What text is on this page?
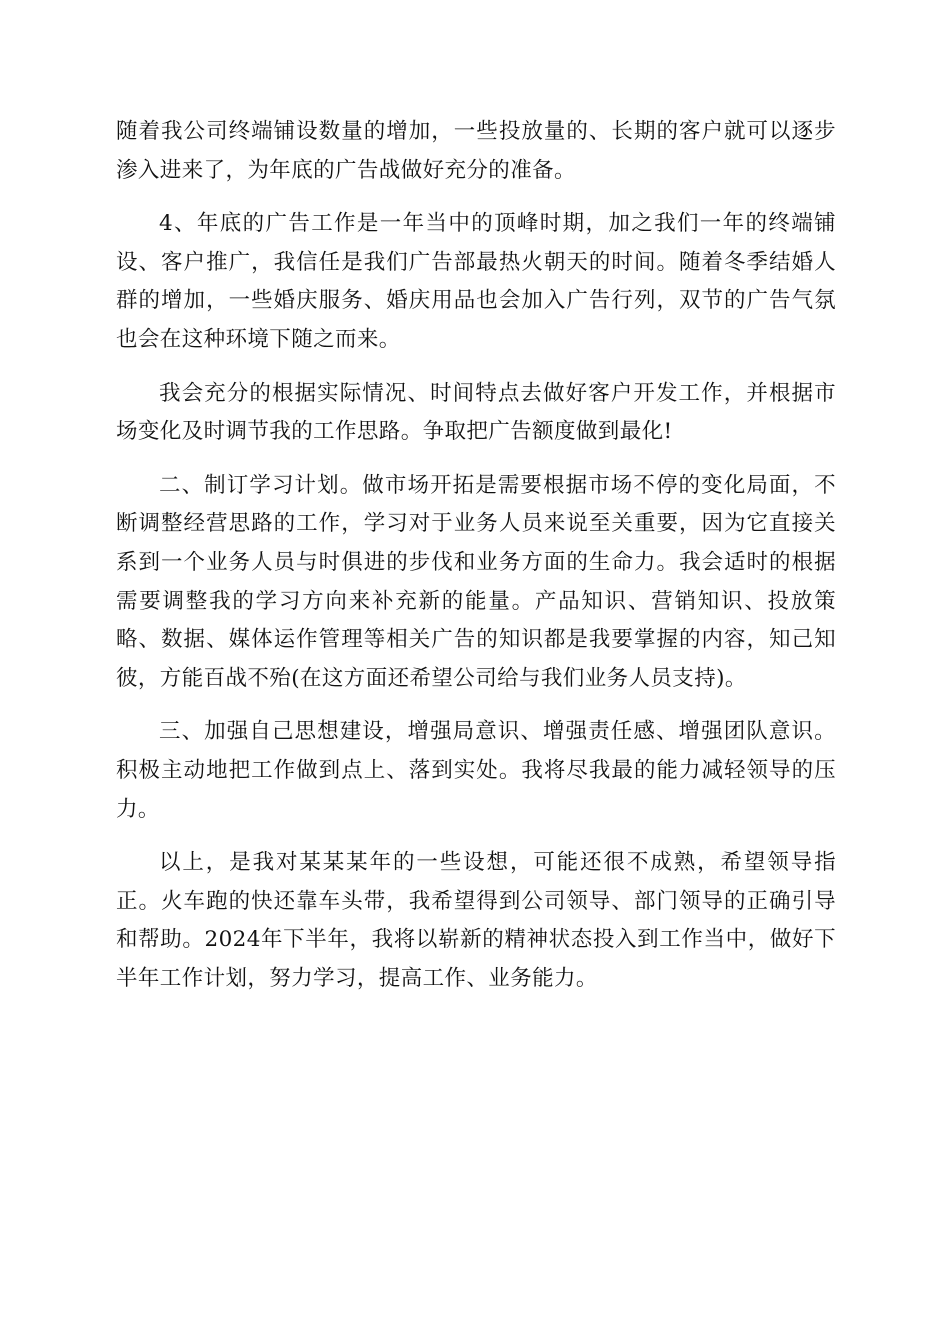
随着我公司终端铺设数量的增加，一些投放量的、长期的客户就可以逐步渗入进来了，为年底的广告战做好充分的准备。

4、年底的广告工作是一年当中的顶峰时期，加之我们一年的终端铺设、客户推广，我信任是我们广告部最热火朝天的时间。随着冬季结婚人群的增加，一些婚庆服务、婚庆用品也会加入广告行列，双节的广告气氛也会在这种环境下随之而来。

我会充分的根据实际情况、时间特点去做好客户开发工作，并根据市场变化及时调节我的工作思路。争取把广告额度做到最化!

二、制订学习计划。做市场开拓是需要根据市场不停的变化局面，不断调整经营思路的工作，学习对于业务人员来说至关重要，因为它直接关系到一个业务人员与时俱进的步伐和业务方面的生命力。我会适时的根据需要调整我的学习方向来补充新的能量。产品知识、营销知识、投放策略、数据、媒体运作管理等相关广告的知识都是我要掌握的内容，知己知彼，方能百战不殆(在这方面还希望公司给与我们业务人员支持)。

三、加强自己思想建设，增强局意识、增强责任感、增强团队意识。积极主动地把工作做到点上、落到实处。我将尽我最的能力减轻领导的压力。

以上，是我对某某某年的一些设想，可能还很不成熟，希望领导指正。火车跑的快还靠车头带，我希望得到公司领导、部门领导的正确引导和帮助。2024年下半年，我将以崭新的精神状态投入到工作当中，做好下半年工作计划，努力学习，提高工作、业务能力。
